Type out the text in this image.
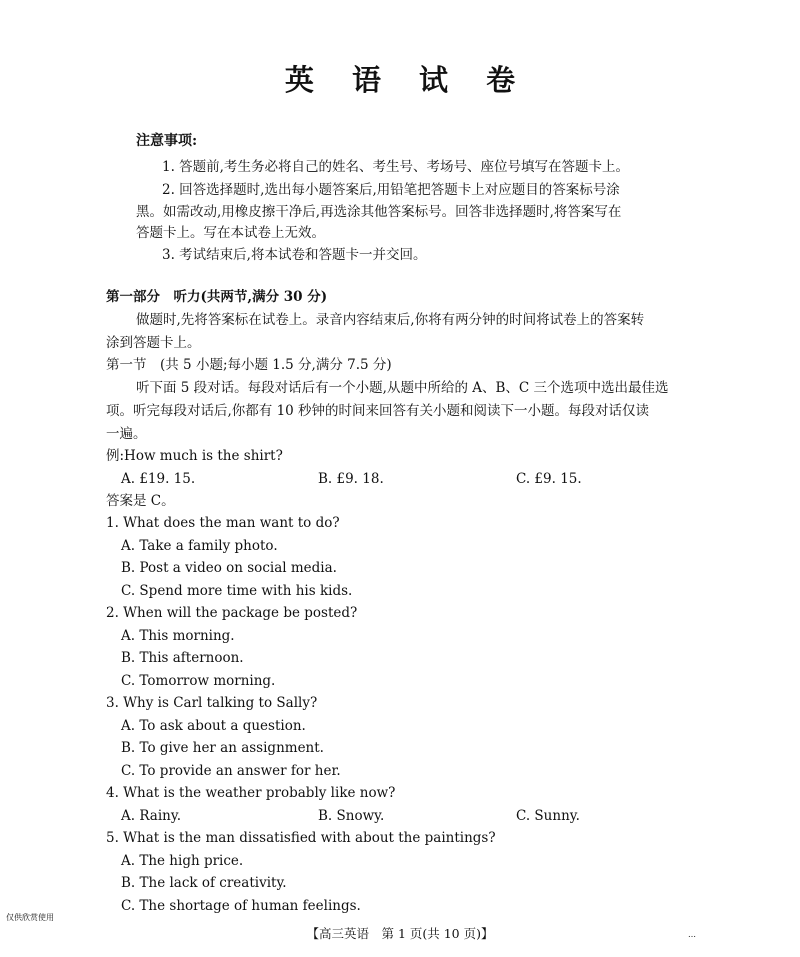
英 语 试 卷
注意事项:
1. 答题前,考生务必将自己的姓名、考生号、考场号、座位号填写在答题卡上。
2. 回答选择题时,选出每小题答案后,用铅笔把答题卡上对应题目的答案标号涂
黑。如需改动,用橡皮擦干净后,再选涂其他答案标号。回答非选择题时,将答案写在
答题卡上。写在本试卷上无效。
3. 考试结束后,将本试卷和答题卡一并交回。
第一部分　听力(共两节,满分 30 分)
做题时,先将答案标在试卷上。录音内容结束后,你将有两分钟的时间将试卷上的答案转
涂到答题卡上。
第一节　(共 5 小题;每小题 1.5 分,满分 7.5 分)
听下面 5 段对话。每段对话后有一个小题,从题中所给的 A、B、C 三个选项中选出最佳选
项。听完每段对话后,你都有 10 秒钟的时间来回答有关小题和阅读下一小题。每段对话仅读
一遍。
例:How much is the shirt?
A. £19. 15.	B. £9. 18.	C. £9. 15.
答案是 C。
1. What does the man want to do?
A. Take a family photo.
B. Post a video on social media.
C. Spend more time with his kids.
2. When will the package be posted?
A. This morning.
B. This afternoon.
C. Tomorrow morning.
3. Why is Carl talking to Sally?
A. To ask about a question.
B. To give her an assignment.
C. To provide an answer for her.
4. What is the weather probably like now?
A. Rainy.	B. Snowy.	C. Sunny.
5. What is the man dissatisfied with about the paintings?
A. The high price.
B. The lack of creativity.
C. The shortage of human feelings.
仅供欣赏使用
【高三英语　第 1 页(共 10 页)】	…
